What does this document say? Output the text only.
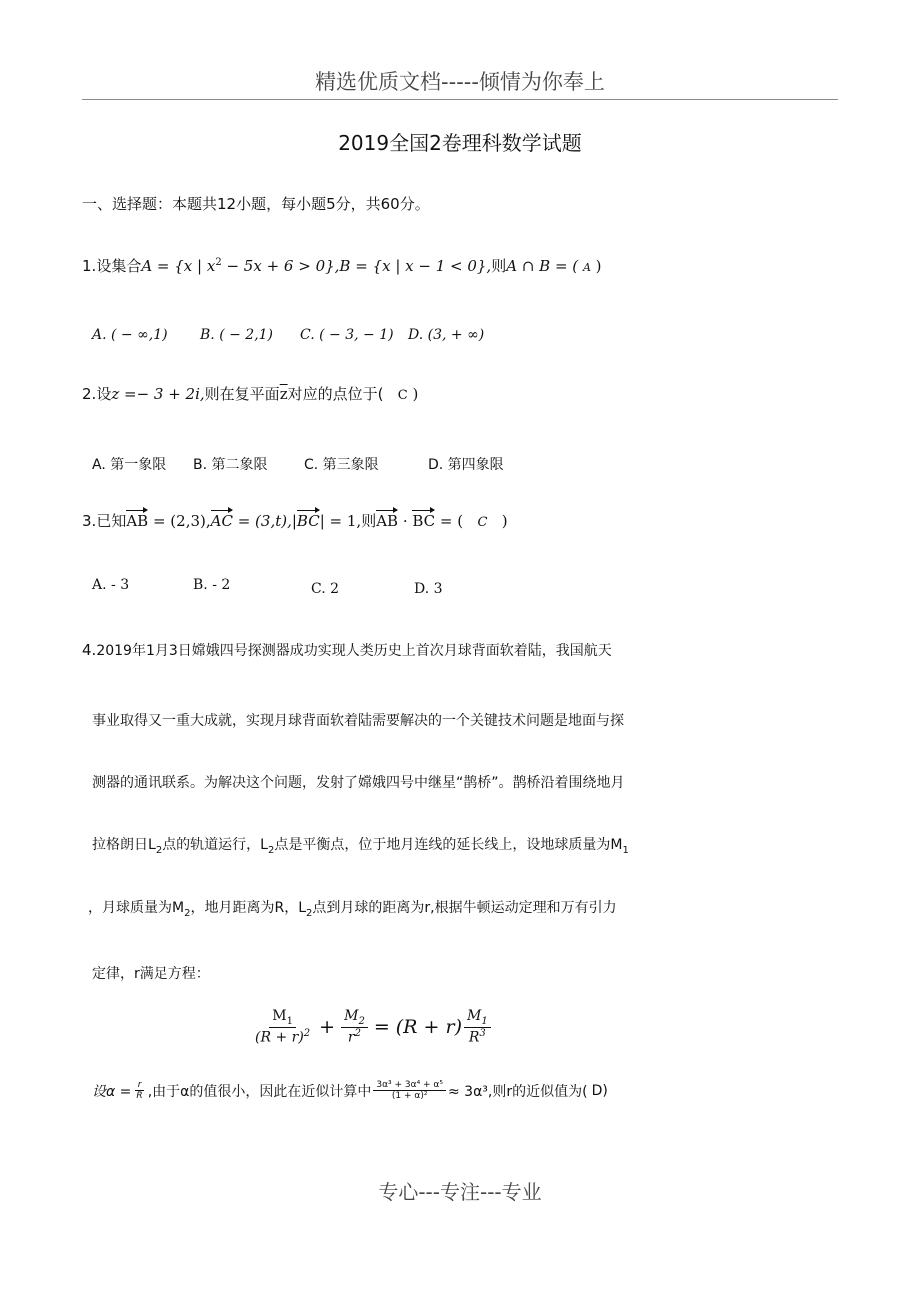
精选优质文档-----倾情为你奉上
2019全国2卷理科数学试题
一、选择题：本题共12小题，每小题5分，共60分。
1.设集合A = {x | $x^2 - 5x + 6 > 0\},B = \{x$ | x − 1 < 0},则A ∩ B = ( A )
A. ( − ∞,1) B. ( − 2,1) C. ( − 3, − 1) D. (3, + ∞)
2.设z =− 3 + 2i,则在复平面$\overline{z}$对应的点位于( C )
A. 第一象限 B. 第二象限	C. 第三象限	D. 第四象限
3.已知AB = (2,3),AC = (3,t),|BC| = 1,则AB · BC = ( C   )
A. - 3	B. - 2	C. 2	D. 3
4.2019年1月3日嫦娥四号探测器成功实现人类历史上首次月球背面软着陆，我国航天
事业取得又一重大成就，实现月球背面软着陆需要解决的一个关键技术问题是地面与探
测器的通讯联系。为解决这个问题，发射了嫦娥四号中继星“鹊桥”。鹊桥沿着围绕地月
拉格朗日$L_2$点的轨道运行，$L_2$点是平衡点，位于地月连线的延长线上，设地球质量为$M_1$
，月球质量为$M_2$，地月距离为R，$L_2$点到月球的距离为r,根据牛顿运动定理和万有引力
定律，r满足方程：
$\frac{M_1}{(R + r)^2} + \frac{M_2}{r^2} = (R + r) \frac{M_1}{R^3}$
设$\alpha = \frac{r}{R}$ ,由于α的值很小，因此在近似计算中 $\frac{\text{3α³ + 3α⁴ + α⁵}}{\text{(1 + α)²}} \approx 3\alpha^3$,则r的近似值为( D )
专心---专注---专业
